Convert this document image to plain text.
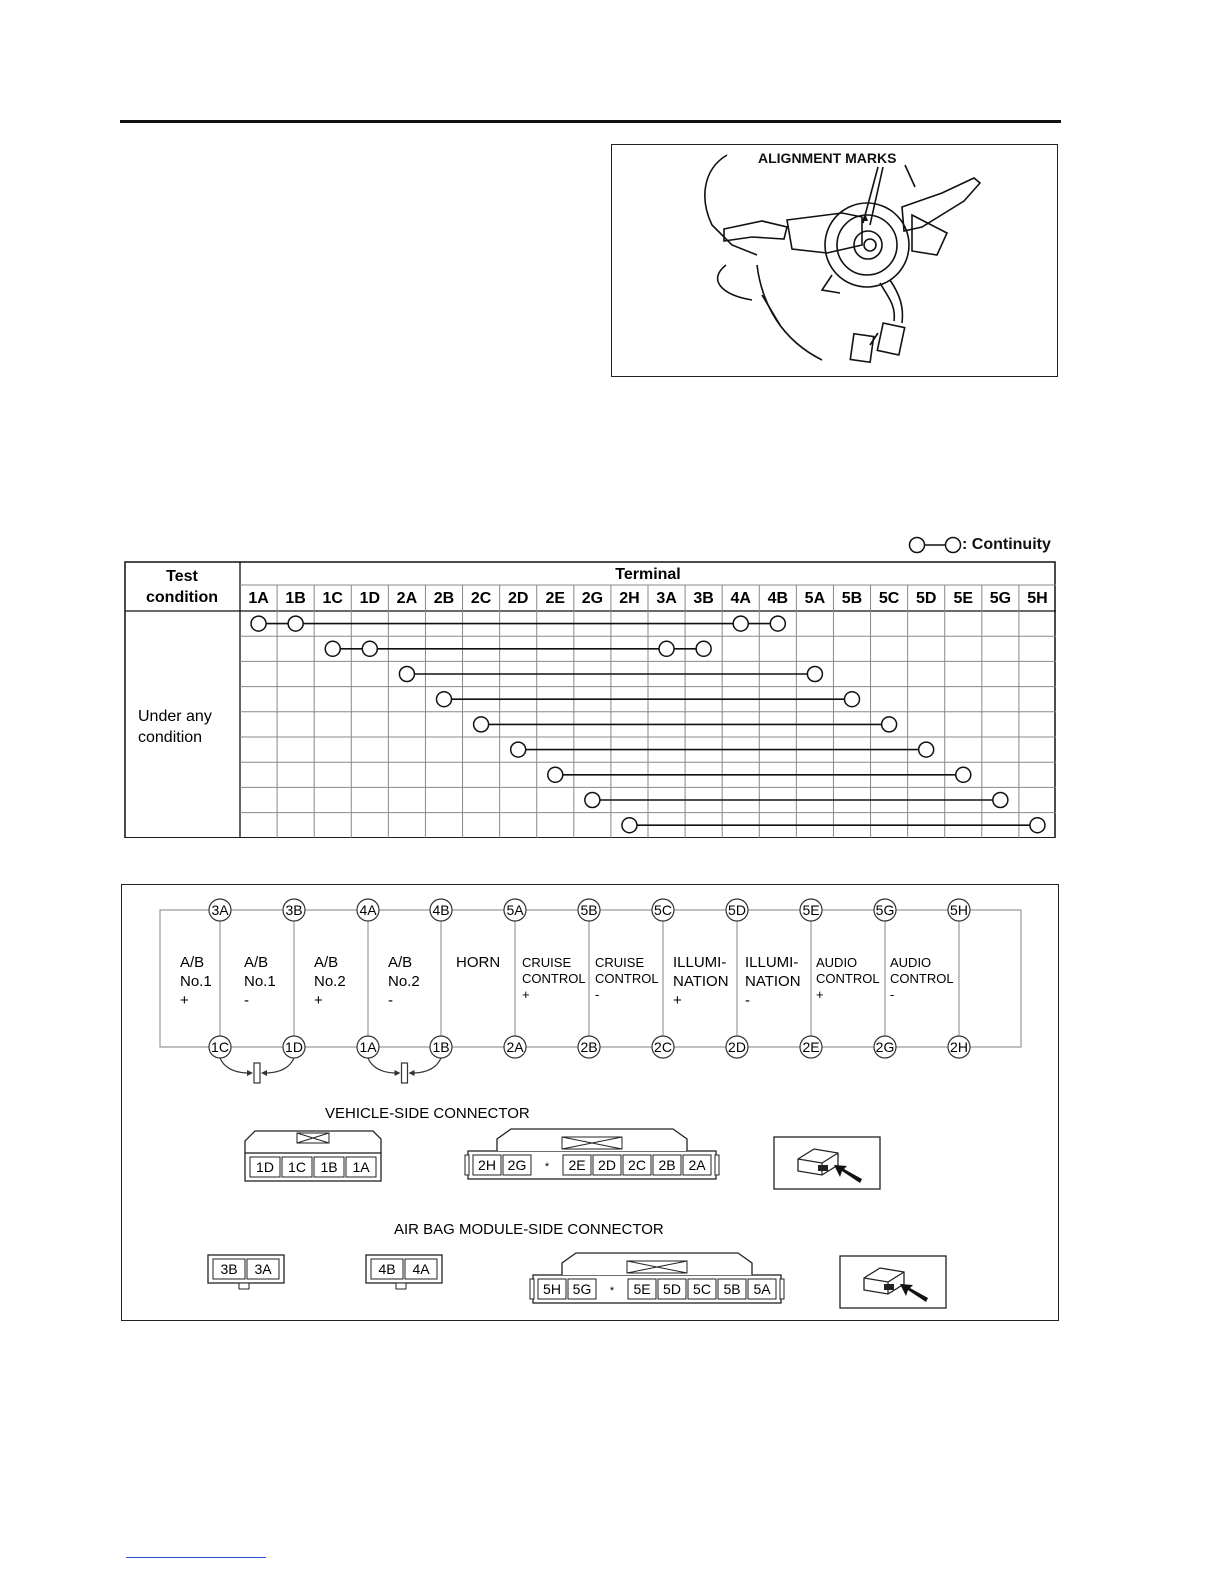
ALIGNMENT MARKS
: Continuity
Test
condition
Terminal
1A 1B 1C 1D 2A 2B 2C 2D 2E 2G 2H 3A 3B 4A 4B 5A 5B 5C 5D 5E 5G 5H
Under any
condition
3A	3B	4A	4B	5A	5B	5C	5D	5E	5G	5H
1C	1D	1A	1B	2A	2B	2C	2D	2E	2G	2H
A/B
No.1
+
A/B
No.1
-
A/B
No.2
+
A/B
No.2
-
HORN CRUISE
CONTROL
+
CRUISE
CONTROL
-
ILLUMI-
NATION
+
ILLUMI-
NATION
-
AUDIO
CONTROL
+
AUDIO
CONTROL
-
VEHICLE-SIDE CONNECTOR
AIR BAG MODULE-SIDE CONNECTOR
1D 1C 1B 1A	2H 2G * 2E 2D 2C 2B 2A
3B 3A	4B 4A
5H 5G * 5E 5D 5C 5B 5A
